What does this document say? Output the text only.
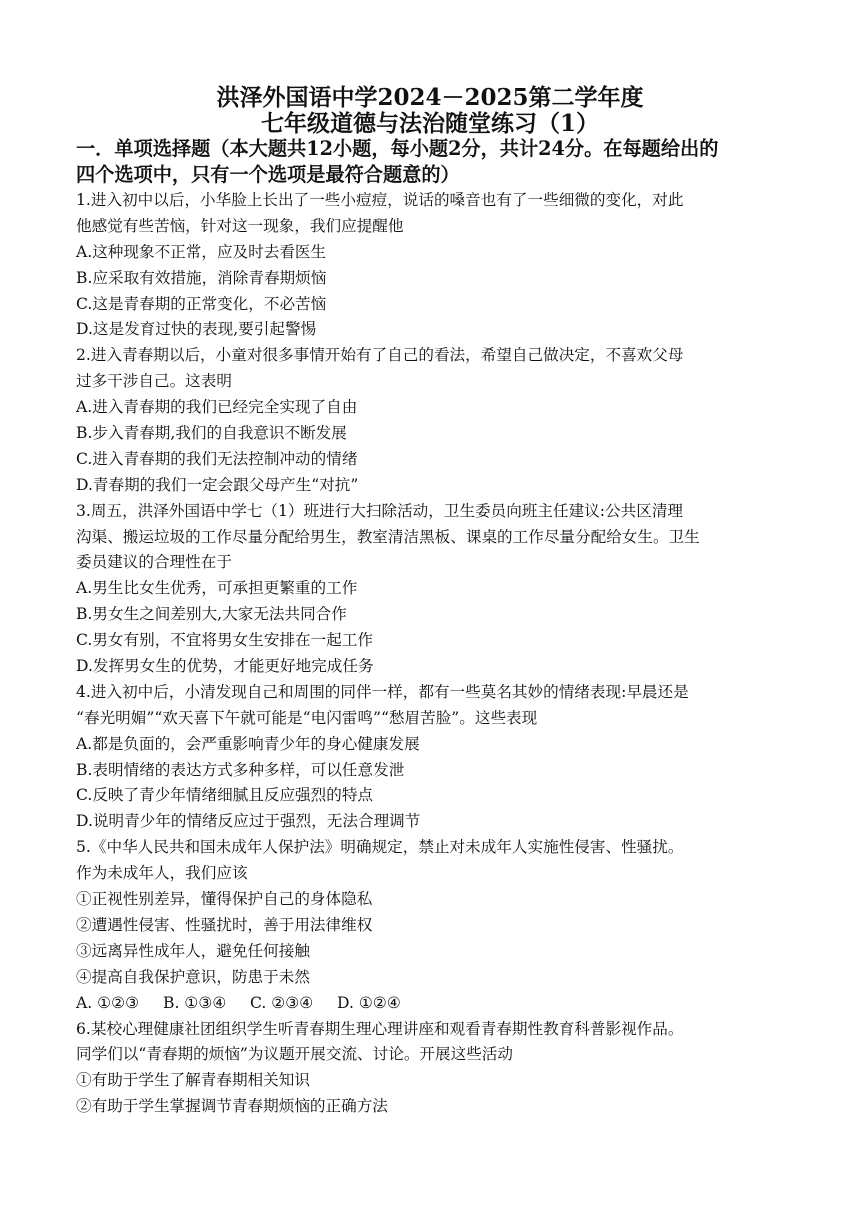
洪泽外国语中学2024－2025第二学年度
七年级道德与法治随堂练习（1）
一．单项选择题（本大题共12小题，每小题2分，共计24分。在每题给出的
四个选项中，只有一个选项是最符合题意的）
1.进入初中以后，小华脸上长出了一些小痘痘，说话的嗓音也有了一些细微的变化，对此
他感觉有些苦恼，针对这一现象，我们应提醒他
A.这种现象不正常，应及时去看医生
B.应采取有效措施，消除青春期烦恼
C.这是青春期的正常变化，不必苦恼
D.这是发育过快的表现,要引起警惕
2.进入青春期以后，小童对很多事情开始有了自己的看法，希望自己做决定，不喜欢父母
过多干涉自己。这表明
A.进入青春期的我们已经完全实现了自由
B.步入青春期,我们的自我意识不断发展
C.进入青春期的我们无法控制冲动的情绪
D.青春期的我们一定会跟父母产生“对抗”
3.周五，洪泽外国语中学七（1）班进行大扫除活动，卫生委员向班主任建议:公共区清理
沟渠、搬运垃圾的工作尽量分配给男生，教室清洁黑板、课桌的工作尽量分配给女生。卫生
委员建议的合理性在于
A.男生比女生优秀，可承担更繁重的工作
B.男女生之间差别大,大家无法共同合作
C.男女有别，不宜将男女生安排在一起工作
D.发挥男女生的优势，才能更好地完成任务
4.进入初中后，小清发现自己和周围的同伴一样，都有一些莫名其妙的情绪表现:早晨还是
“春光明媚”“欢天喜下午就可能是“电闪雷鸣”“愁眉苦脸”。这些表现
A.都是负面的，会严重影响青少年的身心健康发展
B.表明情绪的表达方式多种多样，可以任意发泄
C.反映了青少年情绪细腻且反应强烈的特点
D.说明青少年的情绪反应过于强烈，无法合理调节
5.《中华人民共和国未成年人保护法》明确规定，禁止对未成年人实施性侵害、性骚扰。
作为未成年人，我们应该
①正视性别差异，懂得保护自己的身体隐私
②遭遇性侵害、性骚扰时，善于用法律维权
③远离异性成年人，避免任何接触
④提高自我保护意识，防患于未然
A. ①②③	B. ①③④	C. ②③④	D. ①②④
6.某校心理健康社团组织学生听青春期生理心理讲座和观看青春期性教育科普影视作品。
同学们以“青春期的烦恼”为议题开展交流、讨论。开展这些活动
①有助于学生了解青春期相关知识
②有助于学生掌握调节青春期烦恼的正确方法
